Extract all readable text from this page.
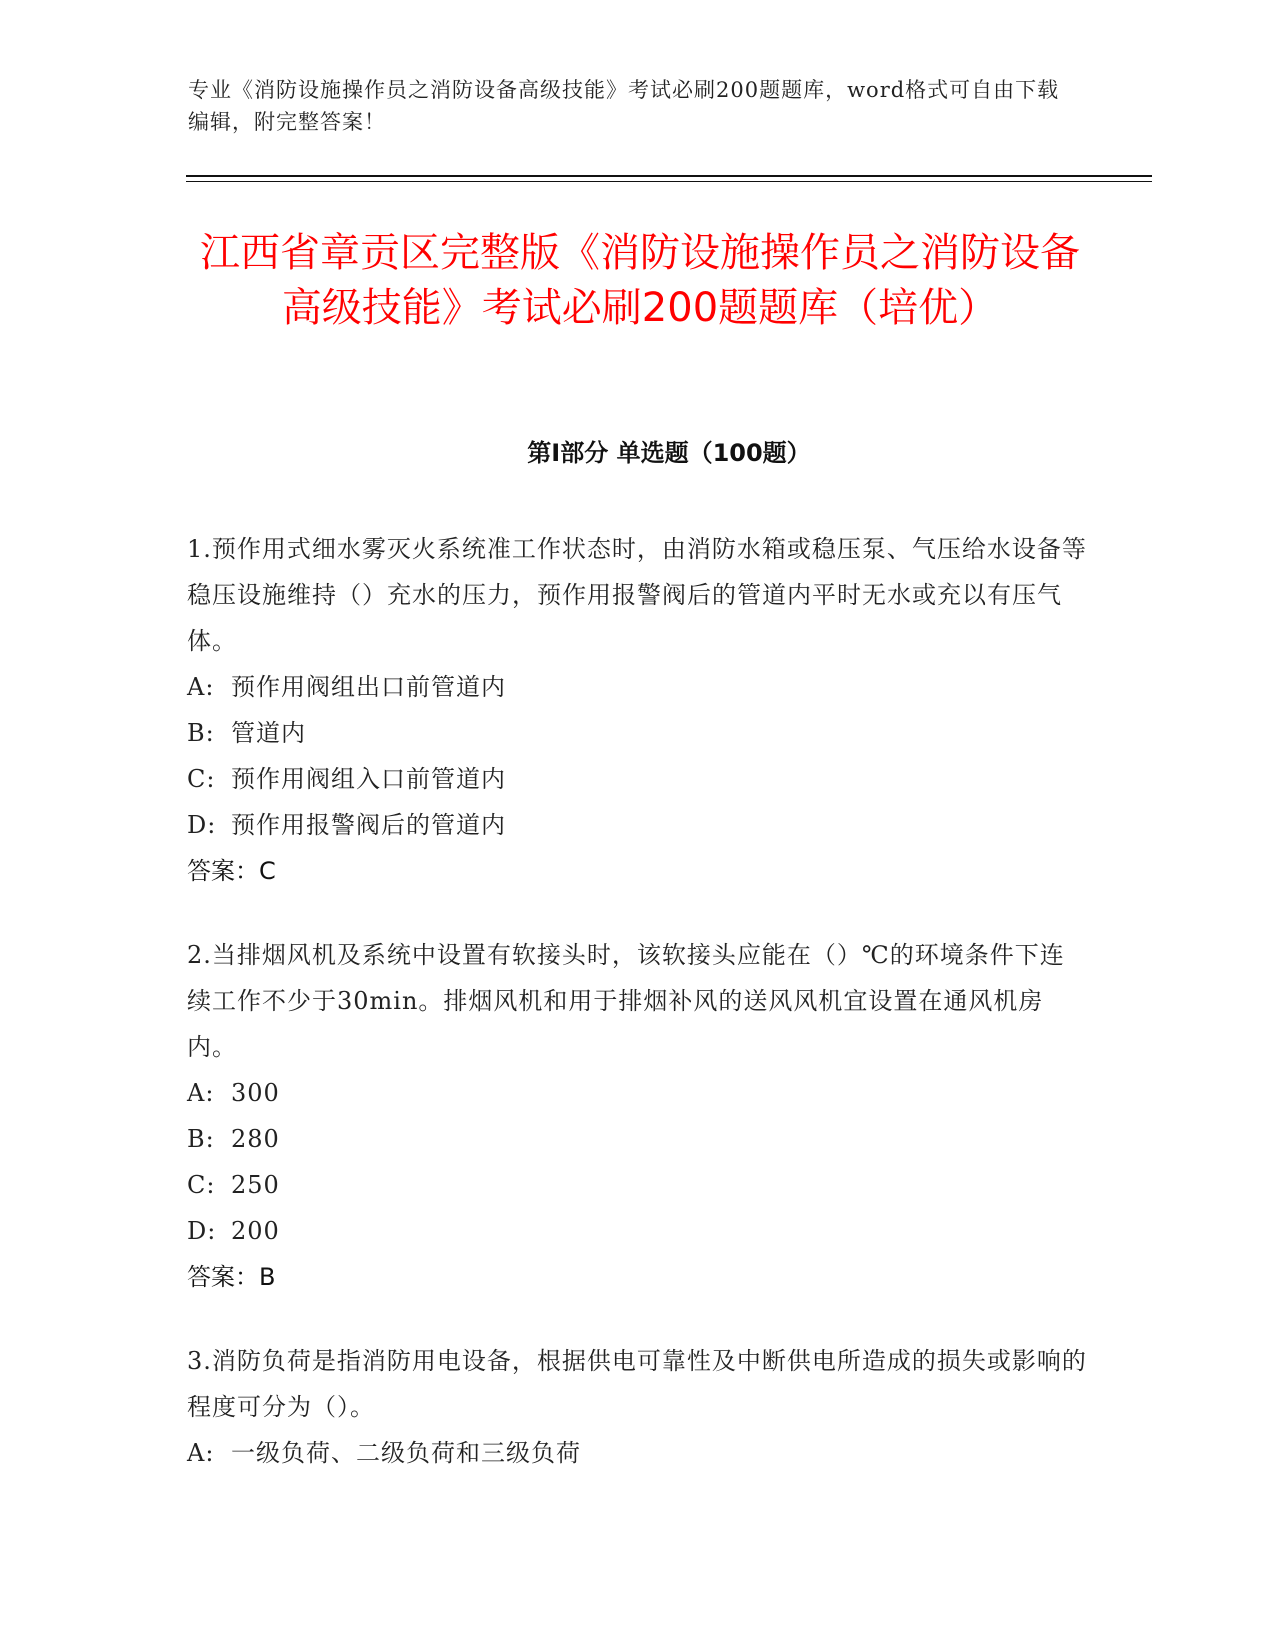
专业《消防设施操作员之消防设备高级技能》考试必刷200题题库，word格式可自由下载编辑，附完整答案！
江西省章贡区完整版《消防设施操作员之消防设备高级技能》考试必刷200题题库（培优）
第Ⅰ部分 单选题（100题）

1.预作用式细水雾灭火系统准工作状态时，由消防水箱或稳压泵、气压给水设备等稳压设施维持（）充水的压力，预作用报警阀后的管道内平时无水或充以有压气体。

A: 预作用阀组出口前管道内

B: 管道内

C: 预作用阀组入口前管道内

D: 预作用报警阀后的管道内

答案：C

2.当排烟风机及系统中设置有软接头时，该软接头应能在（）℃的环境条件下连续工作不少于30min。排烟风机和用于排烟补风的送风风机宜设置在通风机房内。

A: 300

B: 280

C: 250

D: 200

答案：B

3.消防负荷是指消防用电设备，根据供电可靠性及中断供电所造成的损失或影响的程度可分为（）。

A: 一级负荷、二级负荷和三级负荷
